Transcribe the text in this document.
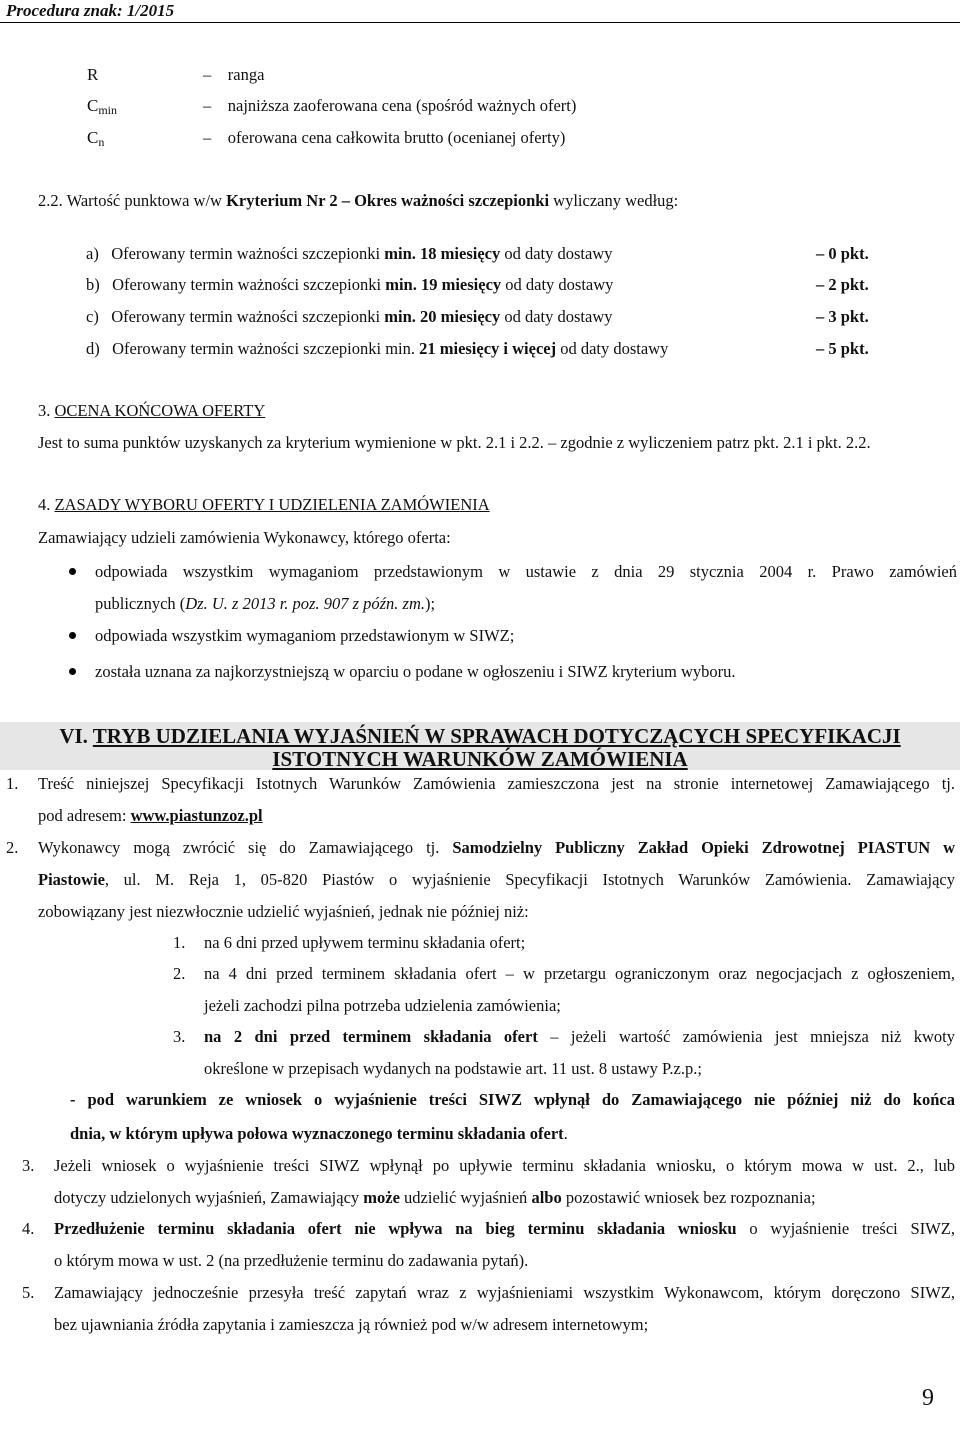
Procedura znak: 1/2015
R	–    ranga
$C_{min}$	–    najniższa zaoferowana cena (spośród ważnych ofert)
$C_n$	–    oferowana cena całkowita brutto (ocenianej oferty)
2.2. Wartość punktowa w/w Kryterium Nr 2 – Okres ważności szczepionki wyliczany według:
a) Oferowany termin ważności szczepionki min. 18 miesięcy od daty dostawy	– 0 pkt.
b) Oferowany termin ważności szczepionki min. 19 miesięcy od daty dostawy	– 2 pkt.
c) Oferowany termin ważności szczepionki min. 20 miesięcy od daty dostawy	– 3 pkt.
d) Oferowany termin ważności szczepionki min. 21 miesięcy i więcej od daty dostawy	– 5 pkt.
3. OCENA KOŃCOWA OFERTY
Jest to suma punktów uzyskanych za kryterium wymienione w pkt. 2.1 i 2.2. – zgodnie z wyliczeniem patrz pkt. 2.1 i pkt. 2.2.
4. ZASADY WYBORU OFERTY I UDZIELENIA ZAMÓWIENIA
Zamawiający udzieli zamówienia Wykonawcy, którego oferta:
odpowiada wszystkim wymaganiom przedstawionym w ustawie z dnia 29 stycznia 2004 r. Prawo zamówień
publicznych (Dz. U. z 2013 r. poz. 907 z późn. zm.);
odpowiada wszystkim wymaganiom przedstawionym w SIWZ;
została uznana za najkorzystniejszą w oparciu o podane w ogłoszeniu i SIWZ kryterium wyboru.
VI. TRYB UDZIELANIA WYJAŚNIEŃ W SPRAWACH DOTYCZĄCYCH SPECYFIKACJI
ISTOTNYCH WARUNKÓW ZAMÓWIENIA
1. Treść niniejszej Specyfikacji Istotnych Warunków Zamówienia zamieszczona jest na stronie internetowej Zamawiającego tj.
pod adresem: www.piastunzoz.pl
2. Wykonawcy mogą zwrócić się do Zamawiającego tj. Samodzielny Publiczny Zakład Opieki Zdrowotnej PIASTUN w
Piastowie, ul. M. Reja 1, 05-820 Piastów o wyjaśnienie Specyfikacji Istotnych Warunków Zamówienia. Zamawiający
zobowiązany jest niezwłocznie udzielić wyjaśnień, jednak nie później niż:
1. na 6 dni przed upływem terminu składania ofert;
2. na 4 dni przed terminem składania ofert – w przetargu ograniczonym oraz negocjacjach z ogłoszeniem,
jeżeli zachodzi pilna potrzeba udzielenia zamówienia;
3. na 2 dni przed terminem składania ofert – jeżeli wartość zamówienia jest mniejsza niż kwoty
określone w przepisach wydanych na podstawie art. 11 ust. 8 ustawy P.z.p.;
- pod warunkiem ze wniosek o wyjaśnienie treści SIWZ wpłynął do Zamawiającego nie później niż do końca
dnia, w którym upływa połowa wyznaczonego terminu składania ofert.
3. Jeżeli wniosek o wyjaśnienie treści SIWZ wpłynął po upływie terminu składania wniosku, o którym mowa w ust. 2., lub
dotyczy udzielonych wyjaśnień, Zamawiający może udzielić wyjaśnień albo pozostawić wniosek bez rozpoznania;
4. Przedłużenie terminu składania ofert nie wpływa na bieg terminu składania wniosku o wyjaśnienie treści SIWZ,
o którym mowa w ust. 2 (na przedłużenie terminu do zadawania pytań).
5. Zamawiający jednocześnie przesyła treść zapytań wraz z wyjaśnieniami wszystkim Wykonawcom, którym doręczono SIWZ,
bez ujawniania źródła zapytania i zamieszcza ją również pod w/w adresem internetowym;
9
